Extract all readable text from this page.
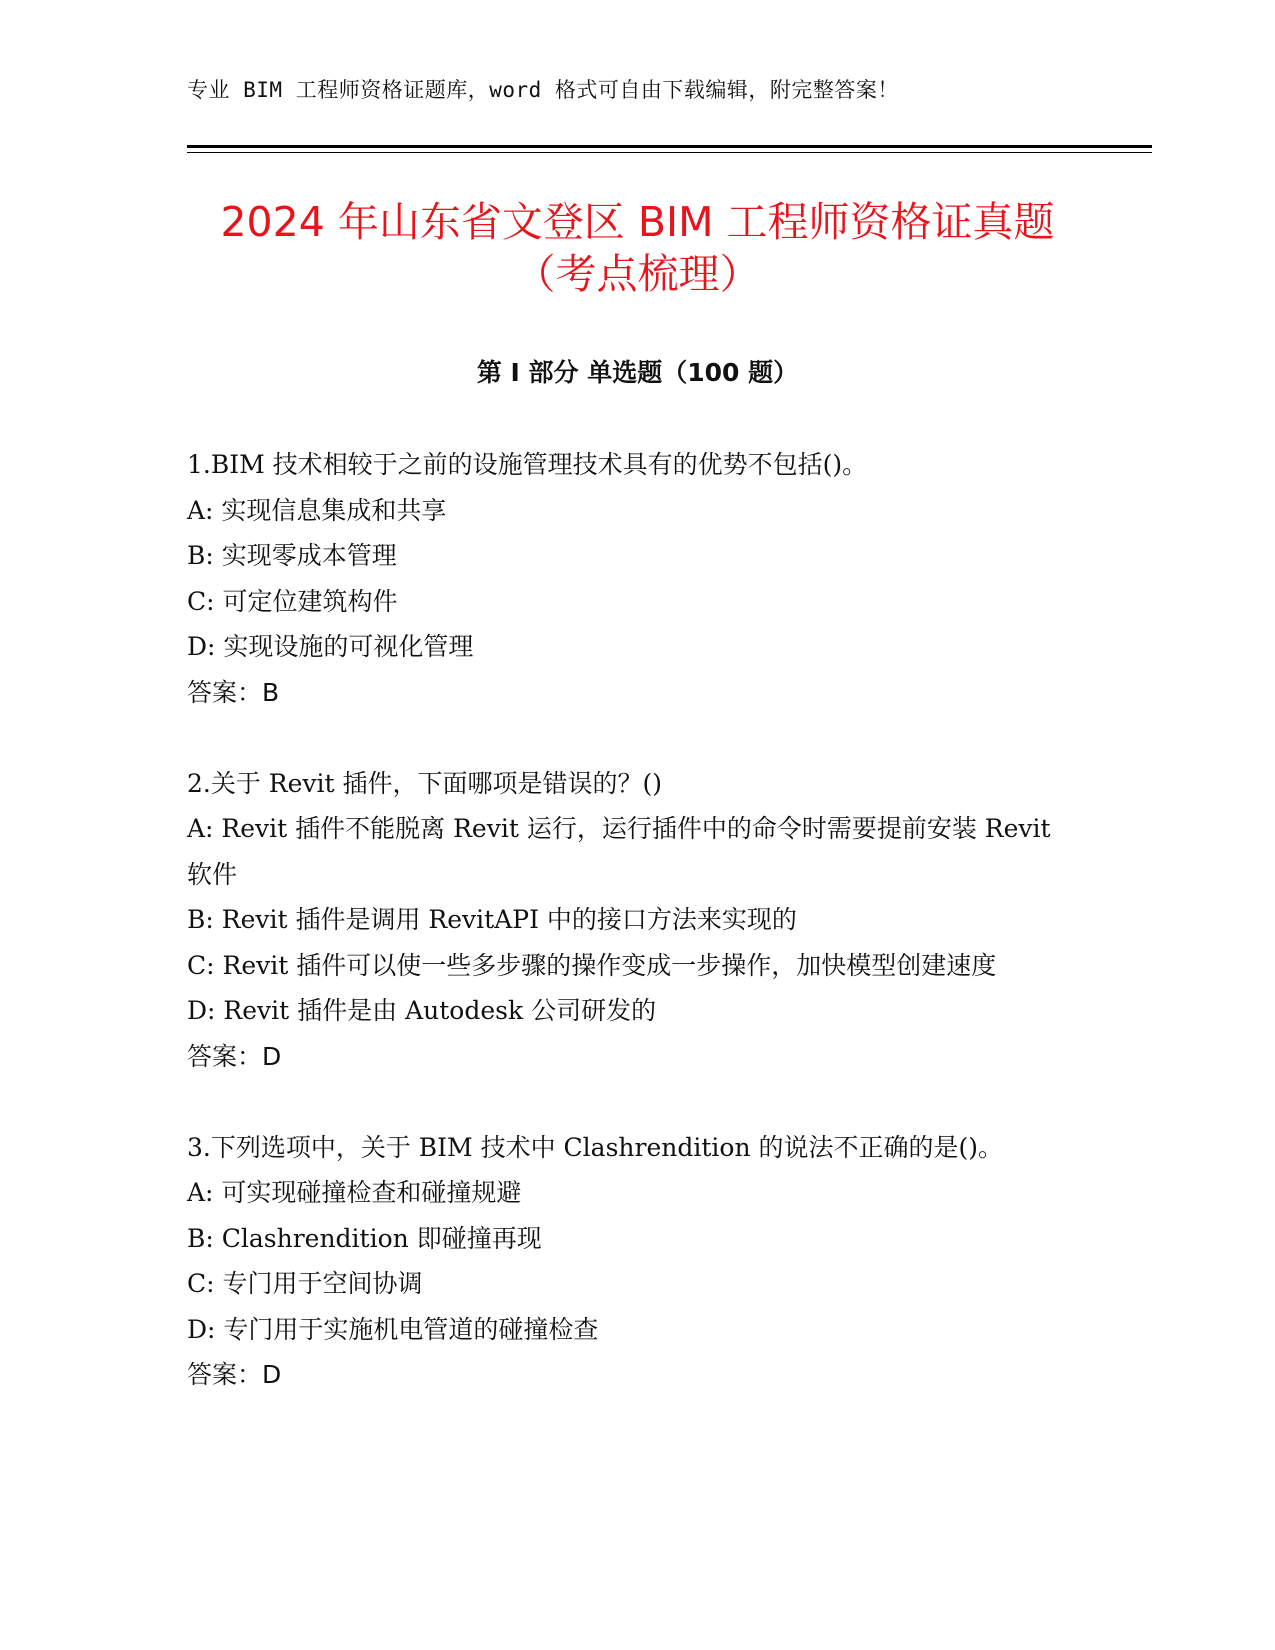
专业 BIM 工程师资格证题库，word 格式可自由下载编辑，附完整答案！
2024 年山东省文登区 BIM 工程师资格证真题
（考点梳理）
第 I 部分 单选题（100 题）

1.BIM 技术相较于之前的设施管理技术具有的优势不包括()。

A: 实现信息集成和共享

B: 实现零成本管理

C: 可定位建筑构件

D: 实现设施的可视化管理

答案：B

2.关于 Revit 插件，下面哪项是错误的？()

A: Revit 插件不能脱离 Revit 运行，运行插件中的命令时需要提前安装 Revit 软件

B: Revit 插件是调用 RevitAPI 中的接口方法来实现的

C: Revit 插件可以使一些多步骤的操作变成一步操作，加快模型创建速度

D: Revit 插件是由 Autodesk 公司研发的

答案：D

3.下列选项中，关于 BIM 技术中 Clashrendition 的说法不正确的是()。

A: 可实现碰撞检查和碰撞规避

B: Clashrendition 即碰撞再现

C: 专门用于空间协调

D: 专门用于实施机电管道的碰撞检查

答案：D
